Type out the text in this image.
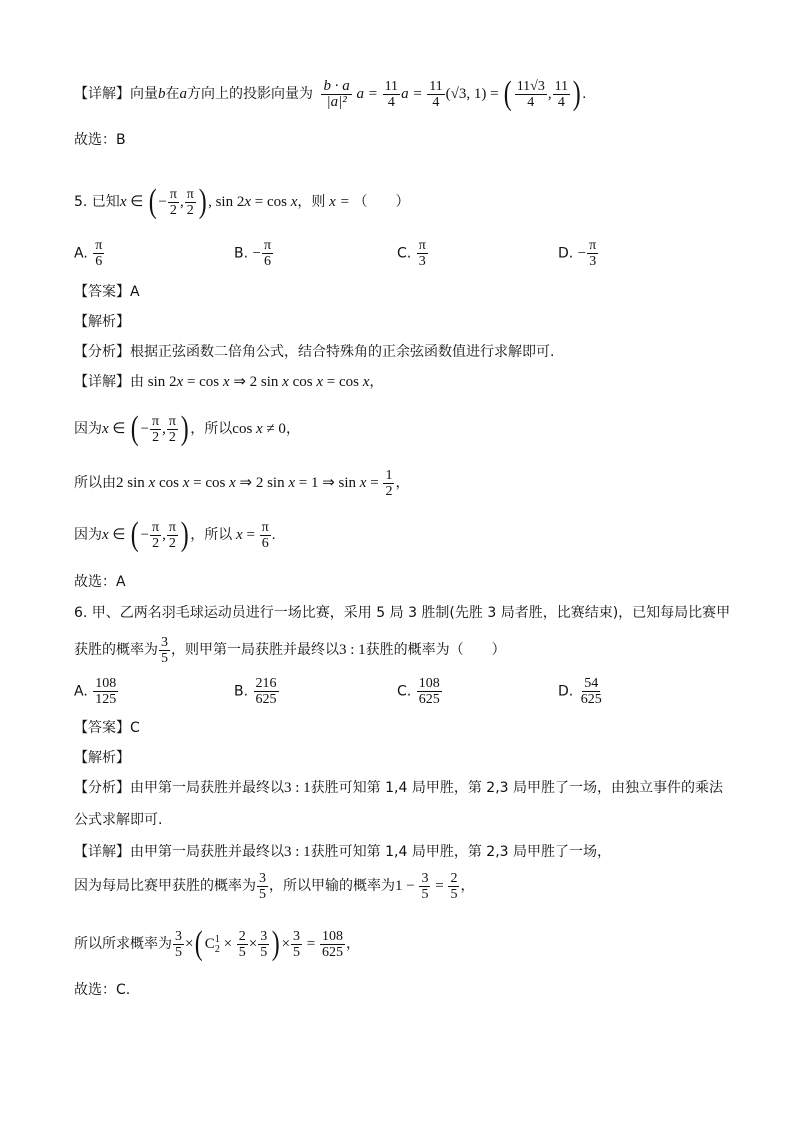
【详解】向量b在a方向上的投影向量为 $\frac{b \cdot a}{\text{|a|²}}$ $a = \frac{11}{4}$ $a = \frac{11}{4} (√3$, 1) = ( $\frac{11√3}{4}$ , $\frac{11}{4}$ ) .
故选：B
5. 已知x ∈ ( − $\frac{\pi}{2}$ , $\frac{\pi}{2}$ ) , sin 2x = cos x，则 x = （　　）
A. $\frac{\pi}{6}$	B. − $\frac{\pi}{6}$	C. $\frac{\pi}{3}$	D. − $\frac{\pi}{3}$
【答案】A
【解析】
【分析】根据正弦函数二倍角公式，结合特殊角的正余弦函数值进行求解即可.
【详解】由 sin 2x = cos x ⇒ 2 sin x cos x = cos x，
因为x ∈ ( − $\frac{\pi}{2}$ , $\frac{\pi}{2}$ ) ，所以cos x ≠ 0，
所以由2 sin x cos x = cos x ⇒ 2 sin x = 1 ⇒ $\sin x = \frac{1}{2}$ ，
因为x ∈ ( − $\frac{\pi}{2}$ , $\frac{\pi}{2}$ ) ，所以 $x = \frac{\pi}{6}$ .
故选：A
6. 甲、乙两名羽毛球运动员进行一场比赛，采用 5 局 3 胜制(先胜 3 局者胜，比赛结束)，已知每局比赛甲
获胜的概率为 $\frac{3}{5}$ ，则甲第一局获胜并最终以3 : 1获胜的概率为（　　）
A. $\frac{108}{125}$	B. $\frac{216}{625}$	C. $\frac{108}{625}$	D. $\frac{54}{625}$
【答案】C
【解析】
【分析】由甲第一局获胜并最终以3 : 1获胜可知第 1,4 局甲胜，第 2,3 局甲胜了一场，由独立事件的乘法
公式求解即可.
【详解】由甲第一局获胜并最终以3 : 1获胜可知第 1,4 局甲胜，第 2,3 局甲胜了一场，
因为每局比赛甲获胜的概率为 $\frac{3}{5}$ ，所以甲输的概率为$1 - \frac{3}{5} = \frac{2}{5}$ ，
所以所求概率为 $\frac{3}{5}$ ×( $C_2^1 \times \frac{2}{5} \times \frac{3}{5}$ ) × $\frac{3}{5} = \frac{108}{625}$ ，
故选：C.
